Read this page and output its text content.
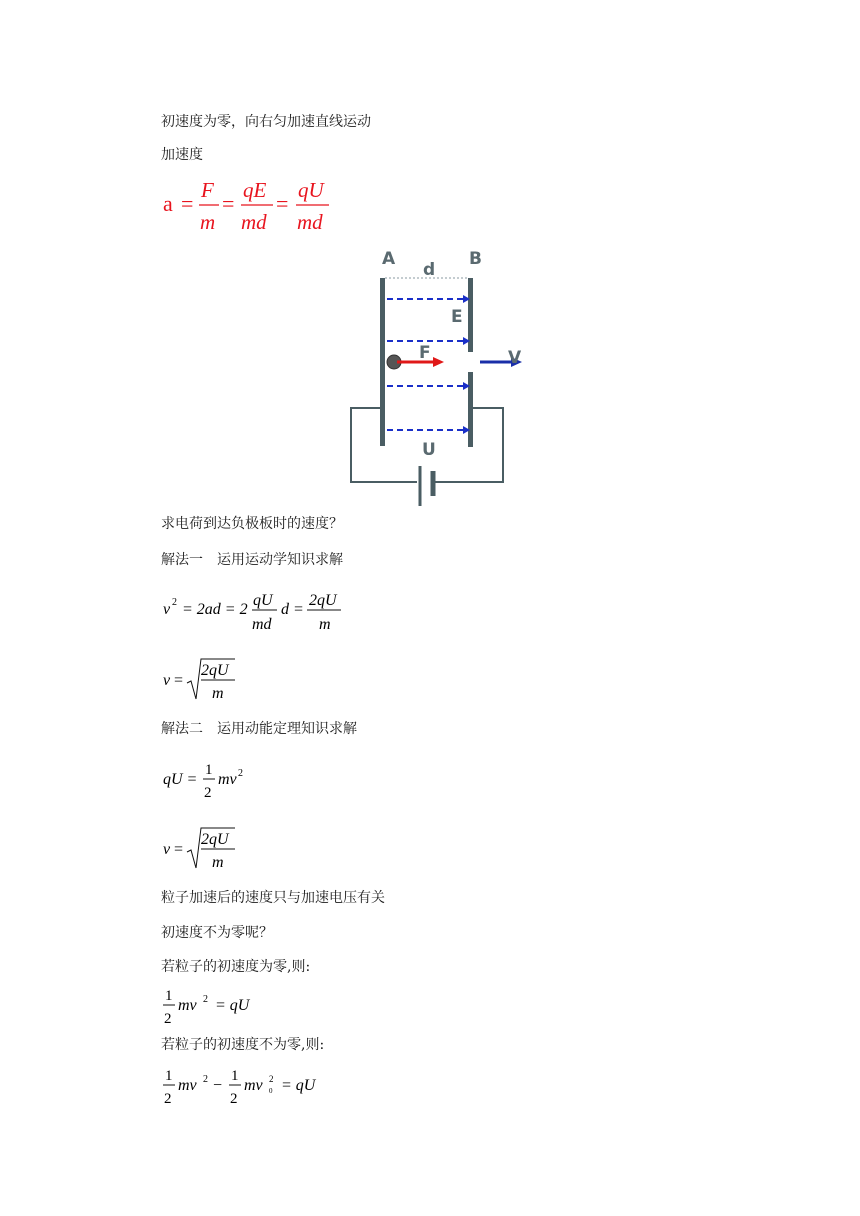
初速度为零，向右匀加速直线运动
加速度
a =
F
m
=
qE
md
=
qU
md
A	B
d
E
F	V
U
求电荷到达负极板时的速度？
解法一　运用运动学知识求解
v 2 = 2ad = 2
qU
md
d =
2qU
m
v =
2qU
m
解法二　运用动能定理知识求解
qU =
1
2
mv 2
v =
2qU
m
粒子加速后的速度只与加速电压有关
初速度不为零呢？
若粒子的初速度为零,则:
1
2
mv 2 = qU
若粒子的初速度不为零,则:
1
2
mv 2 −
1
2
mv 2
0 = qU
